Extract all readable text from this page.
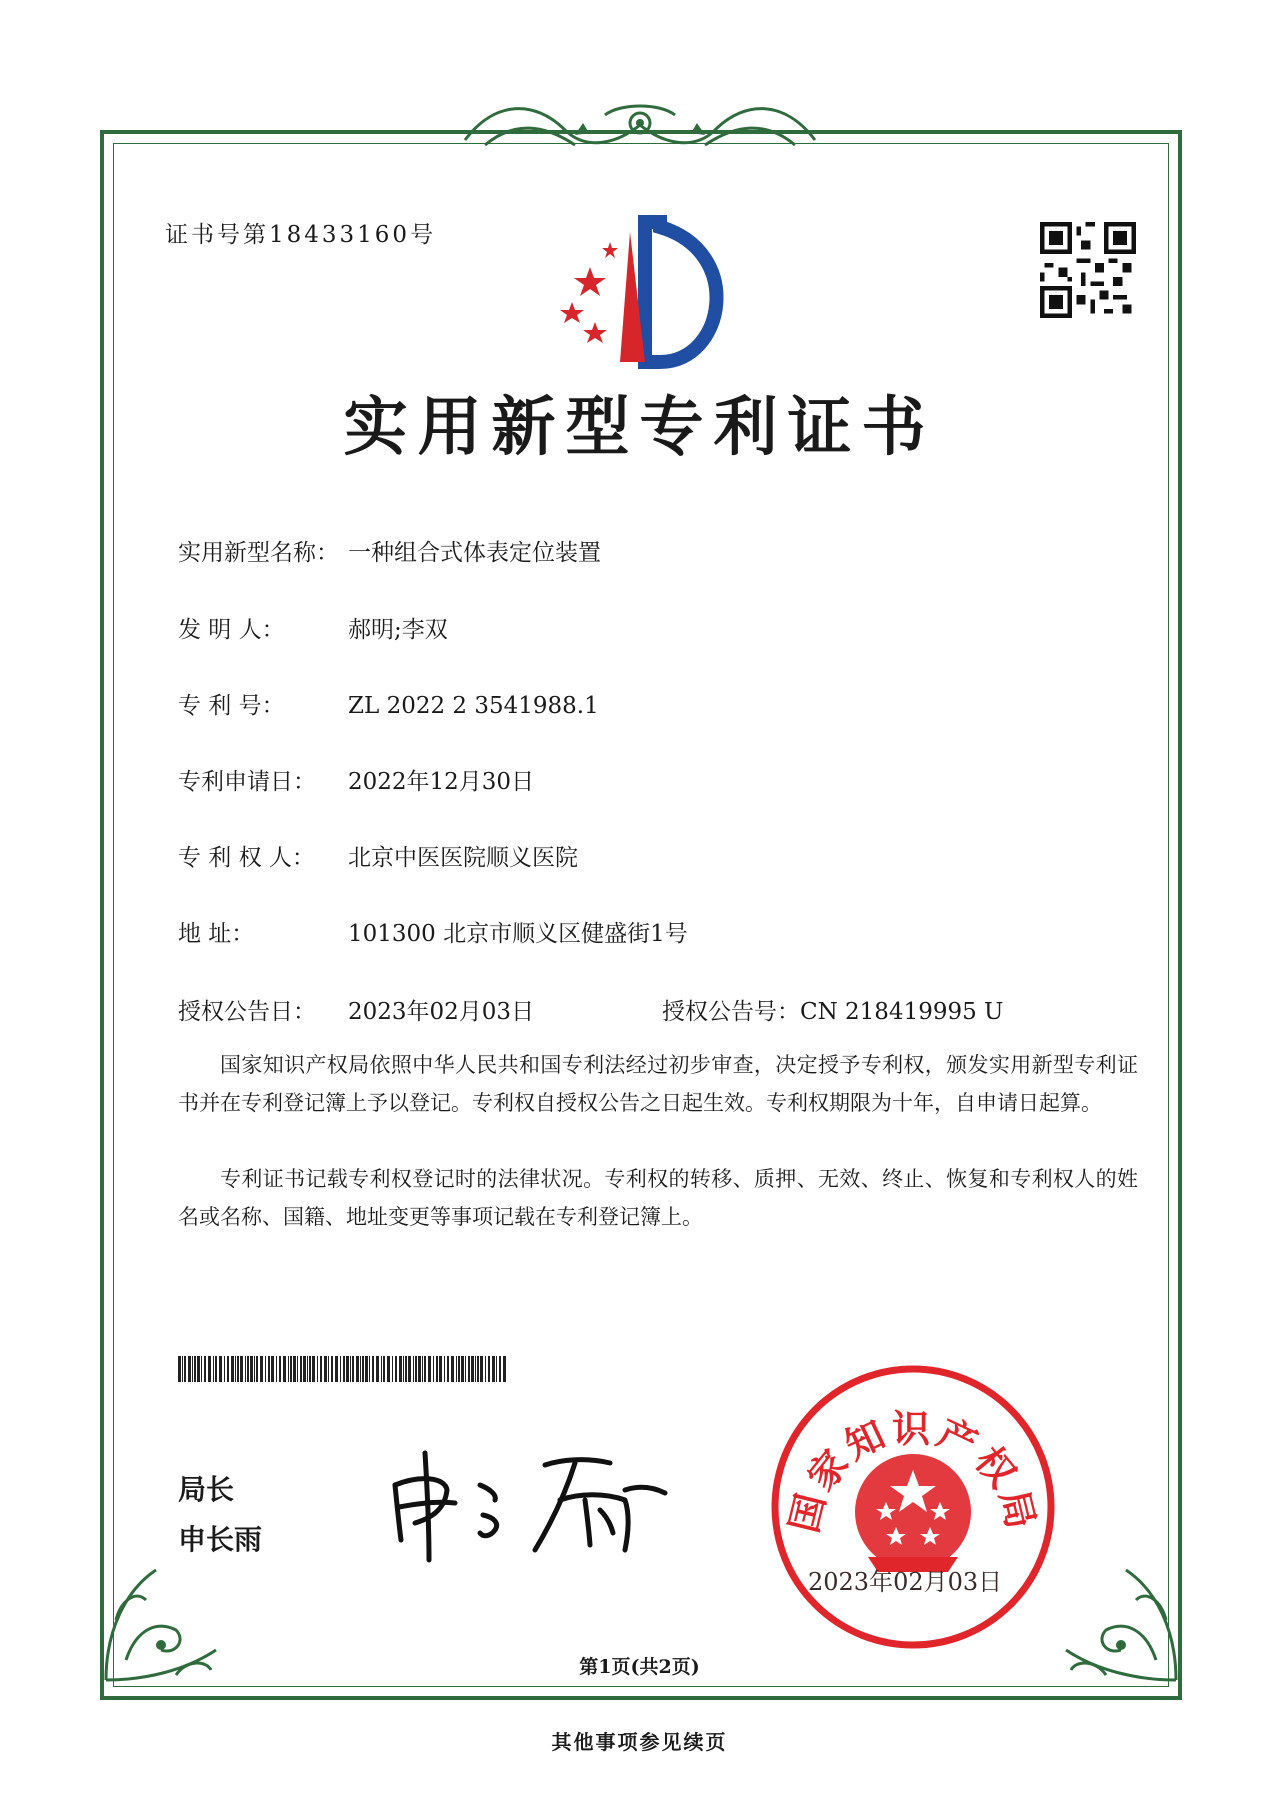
证书号第18433160号
实用新型专利证书
实用新型名称： 一种组合式体表定位装置
发 明 人：	郝明;李双
专 利 号：	ZL 2022 2 3541988.1
专利申请日： 2022年12月30日
专 利 权 人： 北京中医医院顺义医院
地 址：	101300 北京市顺义区健盛街1号
授权公告日： 2023年02月03日	授权公告号：CN 218419995 U
国家知识产权局依照中华人民共和国专利法经过初步审查，决定授予专利权，颁发实用新型专利证书并在专利登记簿上予以登记。专利权自授权公告之日起生效。专利权期限为十年，自申请日起算。
专利证书记载专利权登记时的法律状况。专利权的转移、质押、无效、终止、恢复和专利权人的姓名或名称、国籍、地址变更等事项记载在专利登记簿上。
局长
申长雨
国家知识产权局
2023年02月03日
第1页(共2页)
其他事项参见续页
